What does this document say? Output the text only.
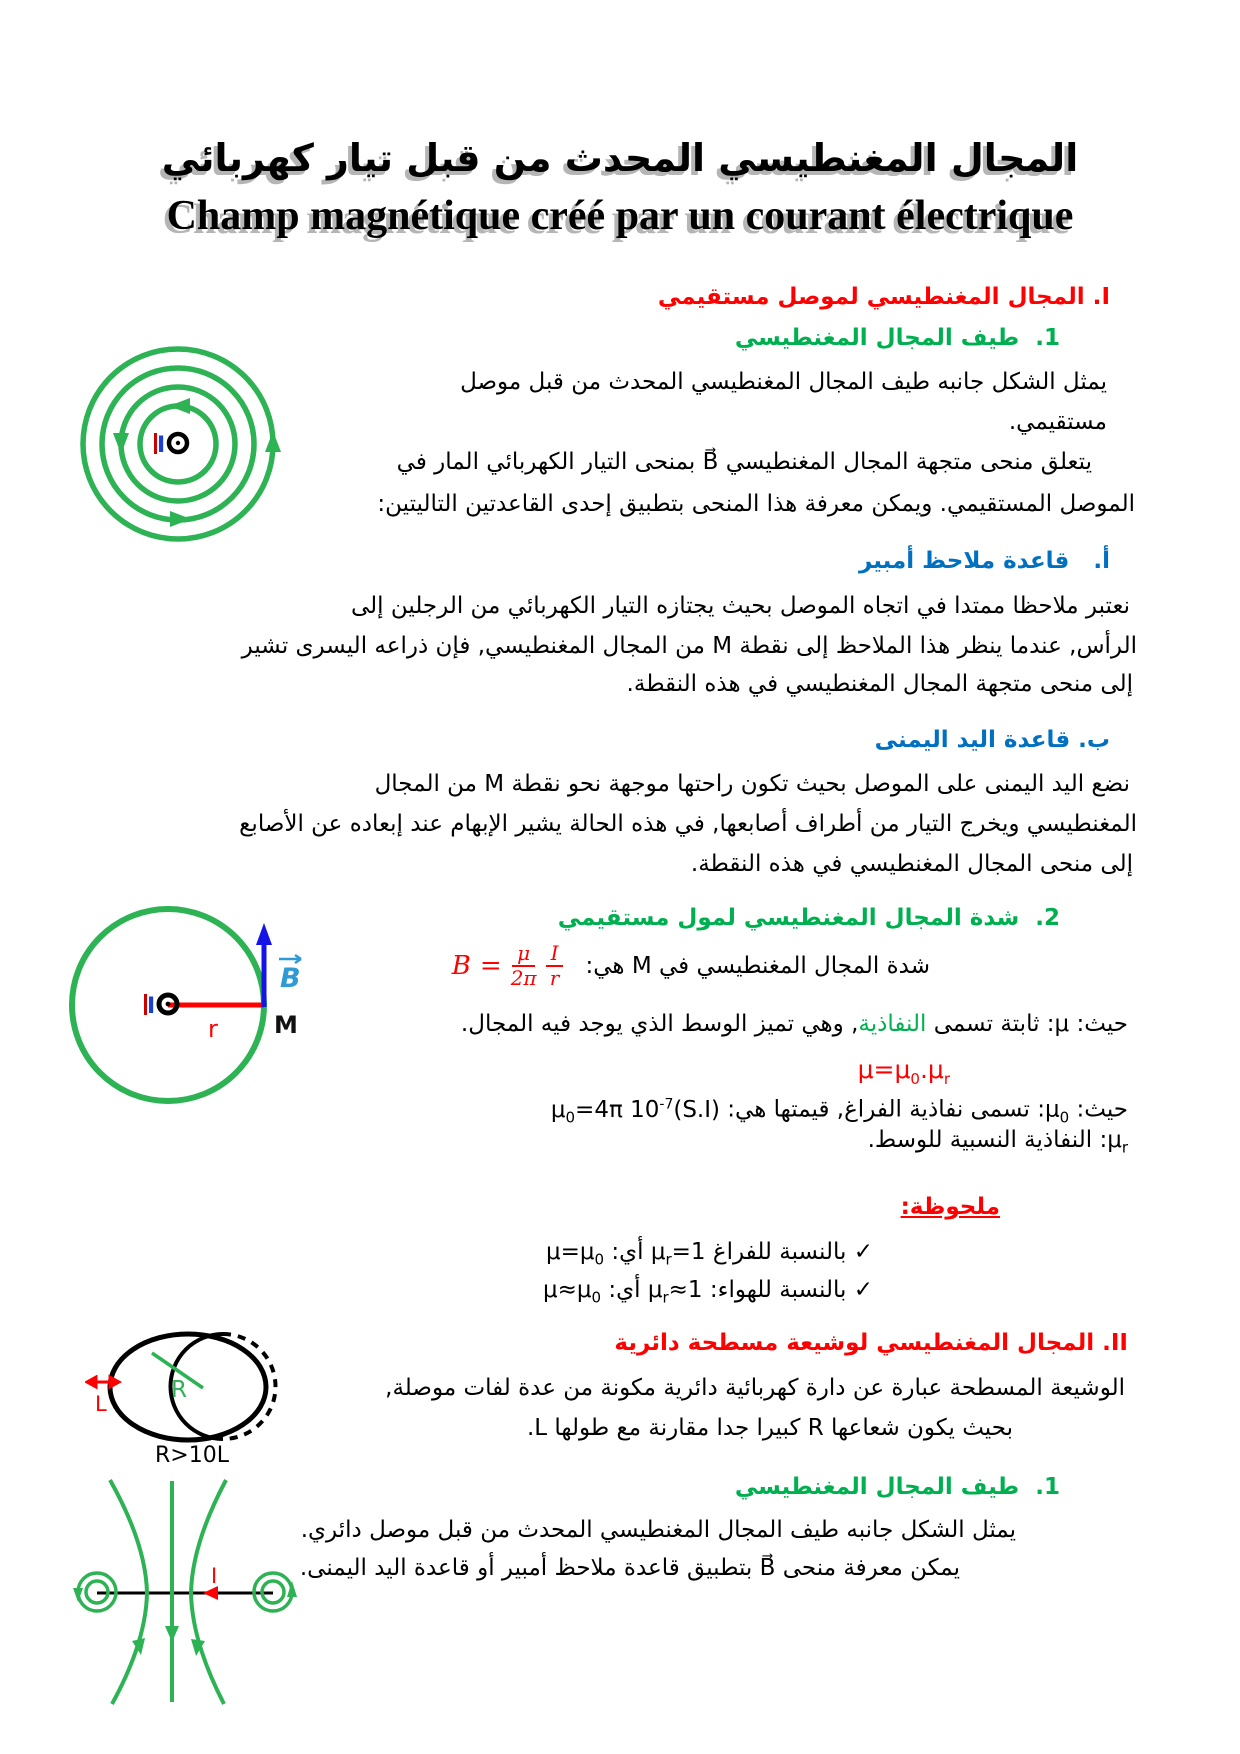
المجال المغنطيسي المحدث من قبل تيار كهربائي
Champ magnétique créé par un courant électrique
I. المجال المغنطيسي لموصل مستقيمي
1.  طيف المجال المغنطيسي
يمثل الشكل جانبه طيف المجال المغنطيسي المحدث من قبل موصل
مستقيمي.
يتعلق منحى متجهة المجال المغنطيسي B⃗ بمنحى التيار الكهربائي المار في
الموصل المستقيمي. ويمكن معرفة هذا المنحى بتطبيق إحدى القاعدتين التاليتين:
I
أ.   قاعدة ملاحظ أمبير
نعتبر ملاحظا ممتدا في اتجاه الموصل بحيث يجتازه التيار الكهربائي من الرجلين إلى
الرأس, عندما ينظر هذا الملاحظ إلى نقطة M من المجال المغنطيسي, فإن ذراعه اليسرى تشير
إلى منحى متجهة المجال المغنطيسي في هذه النقطة.
ب. قاعدة اليد اليمنى
نضع اليد اليمنى على الموصل بحيث تكون راحتها موجهة نحو نقطة M من المجال
المغنطيسي ويخرج التيار من أطراف أصابعها, في هذه الحالة يشير الإبهام عند إبعاده عن الأصابع
إلى منحى المجال المغنطيسي في هذه النقطة.
2.  شدة المجال المغنطيسي لمول مستقيمي
شدة المجال المغنطيسي في M هي:
$B = \frac{\mu}{2\pi} \frac{I}{r}$
r
B
M
I
حيث: μ: ثابتة تسمى النفاذية, وهي تميز الوسط الذي يوجد فيه المجال.
$\mu=\mu_0.\mu_r$
حيث: $\mu_0$: تسمى نفاذية الفراغ, قيمتها هي: $\mu_0=4\pi$ $10^{-7}(S.I)$
$\mu_r$: النفاذية النسبية للوسط.
ملحوظة:
✓ بالنسبة للفراغ $\mu_r=1$ أي: $\mu=\mu_0$
✓ بالنسبة للهواء: $\mu_r\approx 1$ أي: $\mu\approx\mu_0$
II. المجال المغنطيسي لوشيعة مسطحة دائرية
الوشيعة المسطحة عبارة عن دارة كهربائية دائرية مكونة من عدة لفات موصلة,
بحيث يكون شعاعها R كبيرا جدا مقارنة مع طولها L.
R
L
R>10L
1.  طيف المجال المغنطيسي
يمثل الشكل جانبه طيف المجال المغنطيسي المحدث من قبل موصل دائري.
يمكن معرفة منحى B⃗ بتطبيق قاعدة ملاحظ أمبير أو قاعدة اليد اليمنى.
I
